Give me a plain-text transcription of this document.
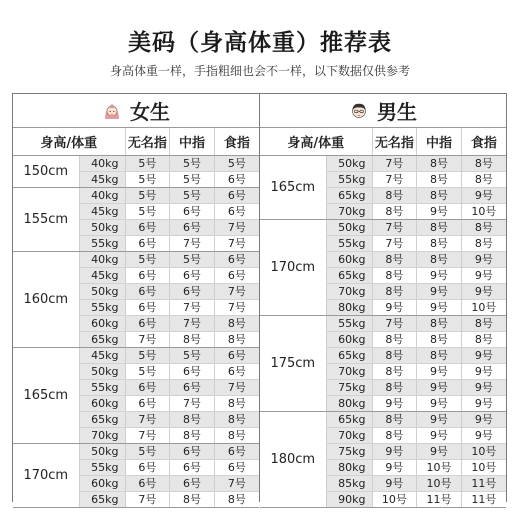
美码（身高体重）推荐表
身高体重一样，手指粗细也会不一样，以下数据仅供参考
女生
身高/体重		无名指	中指	食指
150cm	40kg	5号	5号	5号
	45kg	5号	5号	6号
155cm	40kg	5号	5号	6号
	45kg	5号	6号	6号
	50kg	6号	6号	7号
	55kg	6号	7号	7号
160cm	40kg	5号	5号	6号
	45kg	6号	6号	6号
	50kg	6号	6号	7号
	55kg	6号	7号	7号
	60kg	6号	7号	8号
	65kg	7号	8号	8号
165cm	45kg	5号	5号	6号
	50kg	5号	6号	6号
	55kg	6号	6号	7号
	60kg	6号	7号	8号
	65kg	7号	8号	8号
	70kg	7号	8号	8号
170cm	50kg	5号	6号	6号
	55kg	6号	6号	6号
	60kg	6号	6号	7号
	65kg	7号	8号	8号
男生
身高/体重		无名指	中指	食指
165cm	50kg	7号	8号	8号
	55kg	7号	8号	8号
	65kg	8号	8号	9号
	70kg	8号	9号	10号
170cm	50kg	7号	8号	8号
	55kg	7号	8号	8号
	60kg	8号	8号	9号
	65kg	8号	9号	9号
	70kg	8号	9号	9号
	80kg	9号	9号	10号
175cm	55kg	7号	8号	8号
	60kg	8号	8号	8号
	65kg	8号	8号	9号
	70kg	8号	9号	9号
	75kg	8号	9号	9号
	80kg	9号	9号	9号
180cm	65kg	8号	9号	9号
	70kg	8号	9号	9号
	75kg	9号	9号	10号
	80kg	9号	10号	10号
	85kg	9号	10号	11号
	90kg	10号	11号	11号
